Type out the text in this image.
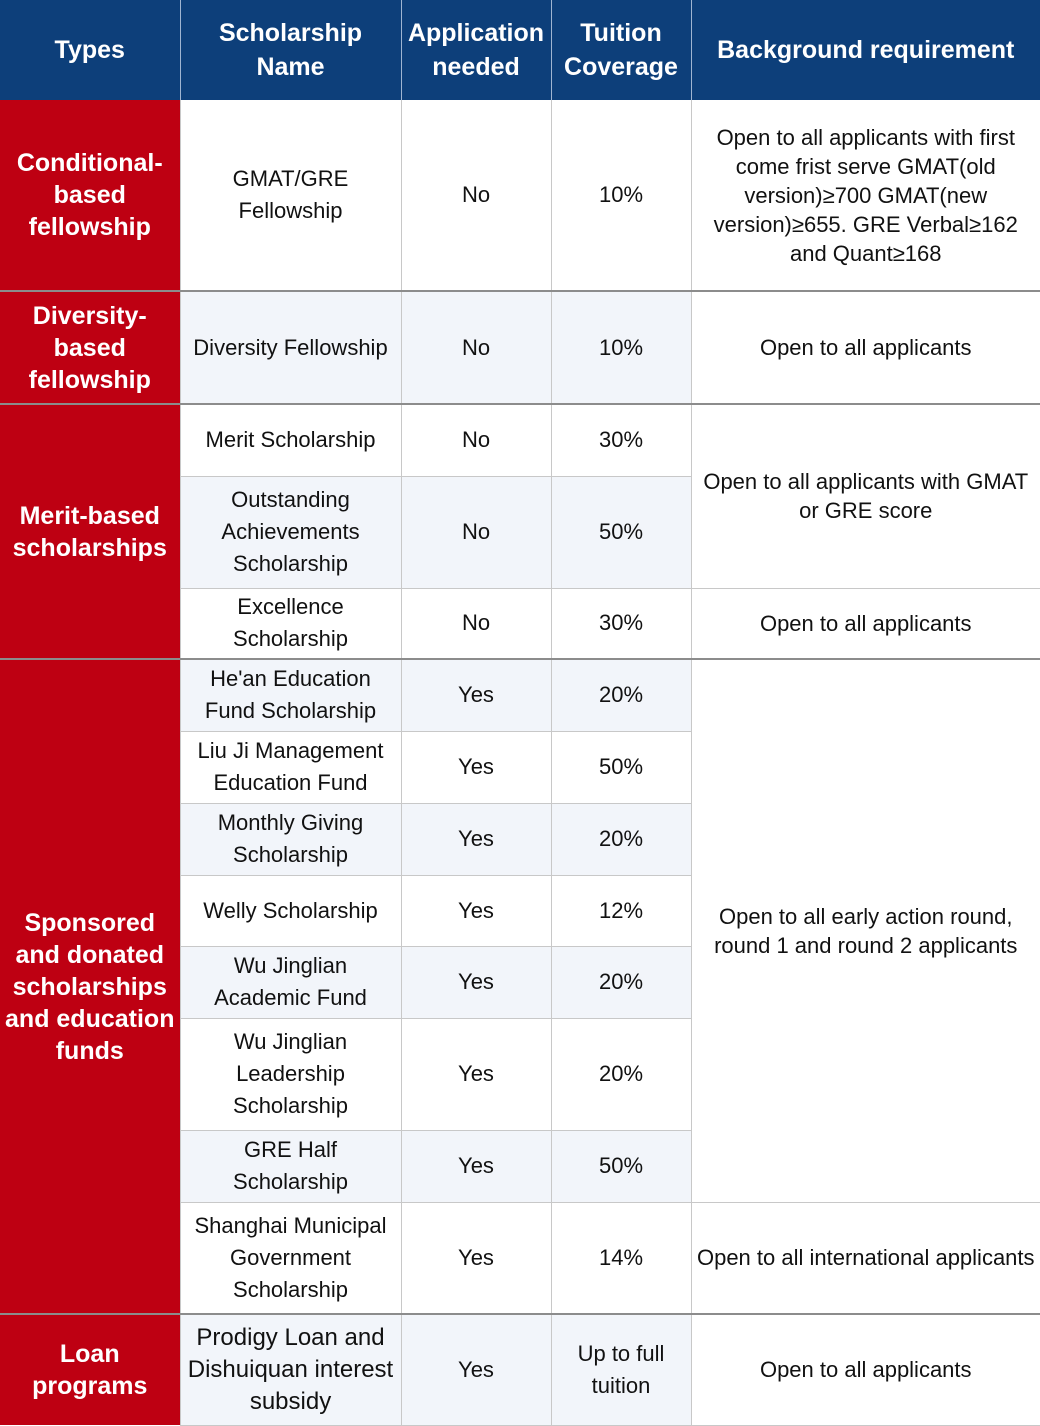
Types	Scholarship Name	Application needed	Tuition Coverage	Background requirement
Conditional-based fellowship	GMAT/GRE Fellowship	No	10%	Open to all applicants with first come frist serve GMAT(old version)≥700 GMAT(new version)≥655. GRE Verbal≥162 and Quant≥168
Diversity-based fellowship	Diversity Fellowship	No	10%	Open to all applicants
Merit-based scholarships	Merit Scholarship	No	30%	Open to all applicants with GMAT or GRE score
	Outstanding Achievements Scholarship	No	50%	
	Excellence Scholarship	No	30%	Open to all applicants
Sponsored and donated scholarships and education funds	He'an Education Fund Scholarship	Yes	20%	Open to all early action round, round 1 and round 2 applicants
	Liu Ji Management Education Fund	Yes	50%	
	Monthly Giving Scholarship	Yes	20%	
	Welly Scholarship	Yes	12%	
	Wu Jinglian Academic Fund	Yes	20%	
	Wu Jinglian Leadership Scholarship	Yes	20%	
	GRE Half Scholarship	Yes	50%	
	Shanghai Municipal Government Scholarship	Yes	14%	Open to all international applicants
Loan programs	Prodigy Loan and Dishuiquan interest subsidy	Yes	Up to full tuition	Open to all applicants
